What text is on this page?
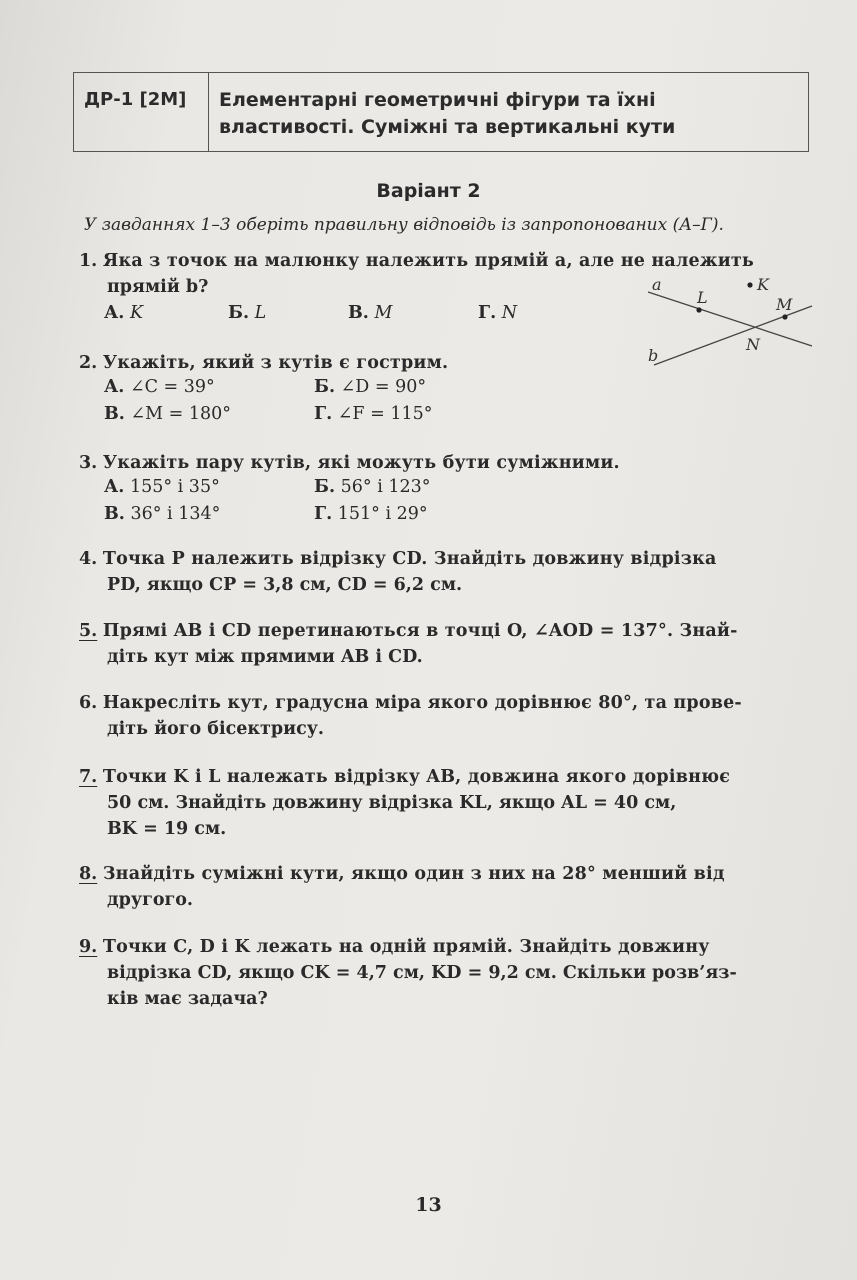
ДР-1 [2М]	Елементарні геометричні фігури та їхні
властивості. Суміжні та вертикальні кути
Варіант 2
У завданнях 1–3 оберіть правильну відповідь із запропонованих (А–Г).
1. Яка з точок на малюнку належить прямій a, але не належить
прямій b?
А. K	Б. L	В. M	Г. N
a
b
K
L	M
N
2. Укажіть, який з кутів є гострим.
А. ∠C = 39°	Б. ∠D = 90°
В. ∠M = 180°	Г. ∠F = 115°
3. Укажіть пару кутів, які можуть бути суміжними.
А. 155° і 35°	Б. 56° і 123°
В. 36° і 134°	Г. 151° і 29°
4. Точка P належить відрізку CD. Знайдіть довжину відрізка
PD, якщо CP = 3,8 см, CD = 6,2 см.
5. Прямі AB і CD перетинаються в точці O, ∠AOD = 137°. Знай-
діть кут між прямими AB і CD.
6. Накресліть кут, градусна міра якого дорівнює 80°, та прове-
діть його бісектрису.
7. Точки K і L належать відрізку AB, довжина якого дорівнює
50 см. Знайдіть довжину відрізка KL, якщо AL = 40 см,
BK = 19 см.
8. Знайдіть суміжні кути, якщо один з них на 28° менший від
другого.
9. Точки C, D і K лежать на одній прямій. Знайдіть довжину
відрізка CD, якщо CK = 4,7 см, KD = 9,2 см. Скільки розв’яз-
ків має задача?
13
